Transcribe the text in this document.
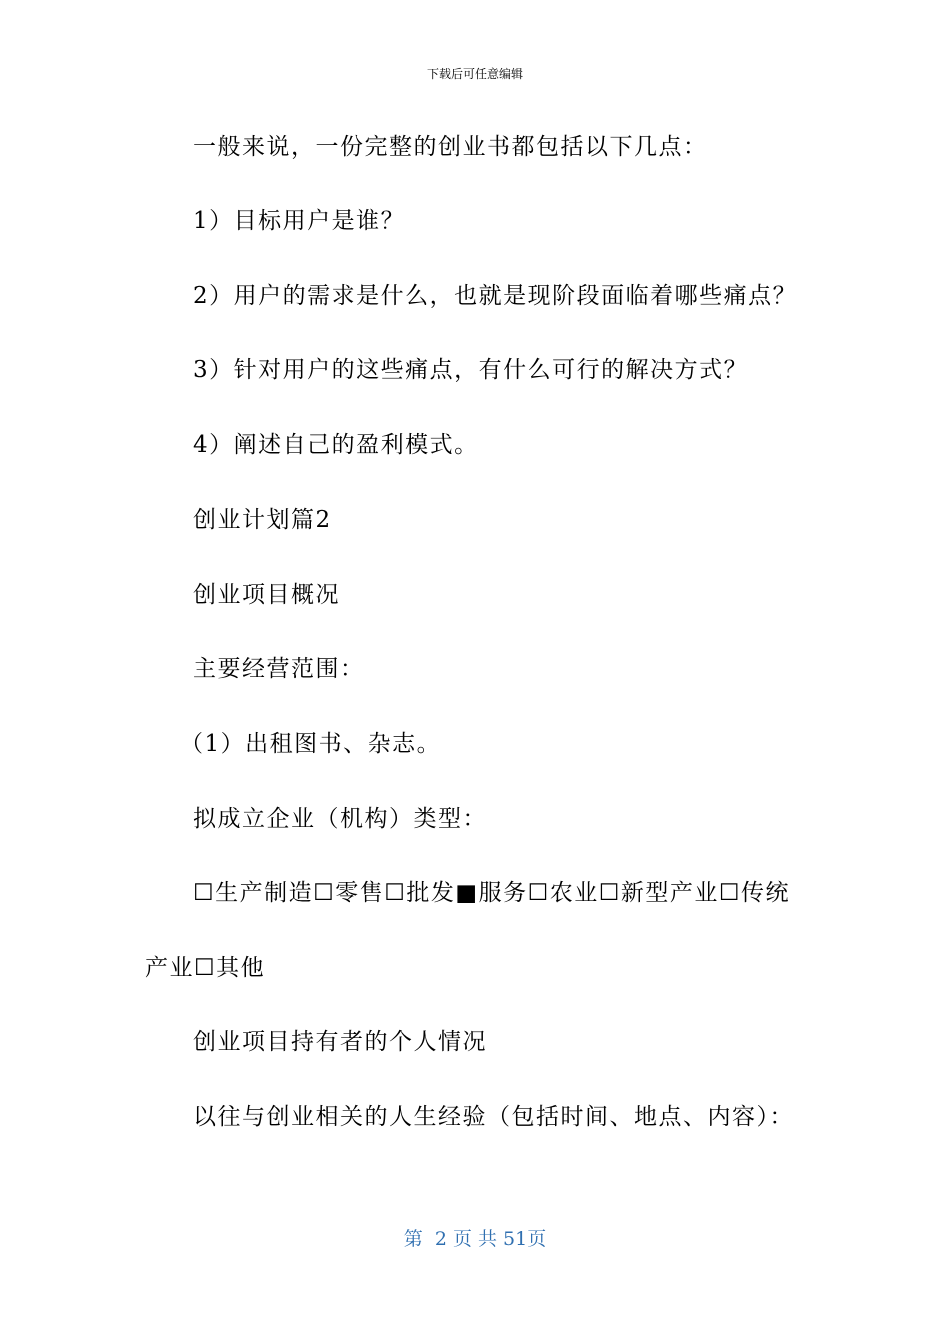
下载后可任意编辑
一般来说，一份完整的创业书都包括以下几点：
1）目标用户是谁？
2）用户的需求是什么，也就是现阶段面临着哪些痛点？
3）针对用户的这些痛点，有什么可行的解决方式？
4）阐述自己的盈利模式。
创业计划篇2
创业项目概况
主要经营范围：
（1）出租图书、杂志。
拟成立企业（机构）类型：
☐生产制造☐零售☐批发■服务☐农业☐新型产业☐传统
产业☐其他
创业项目持有者的个人情况
以往与创业相关的人生经验（包括时间、地点、内容）：
第  2 页 共 51页
